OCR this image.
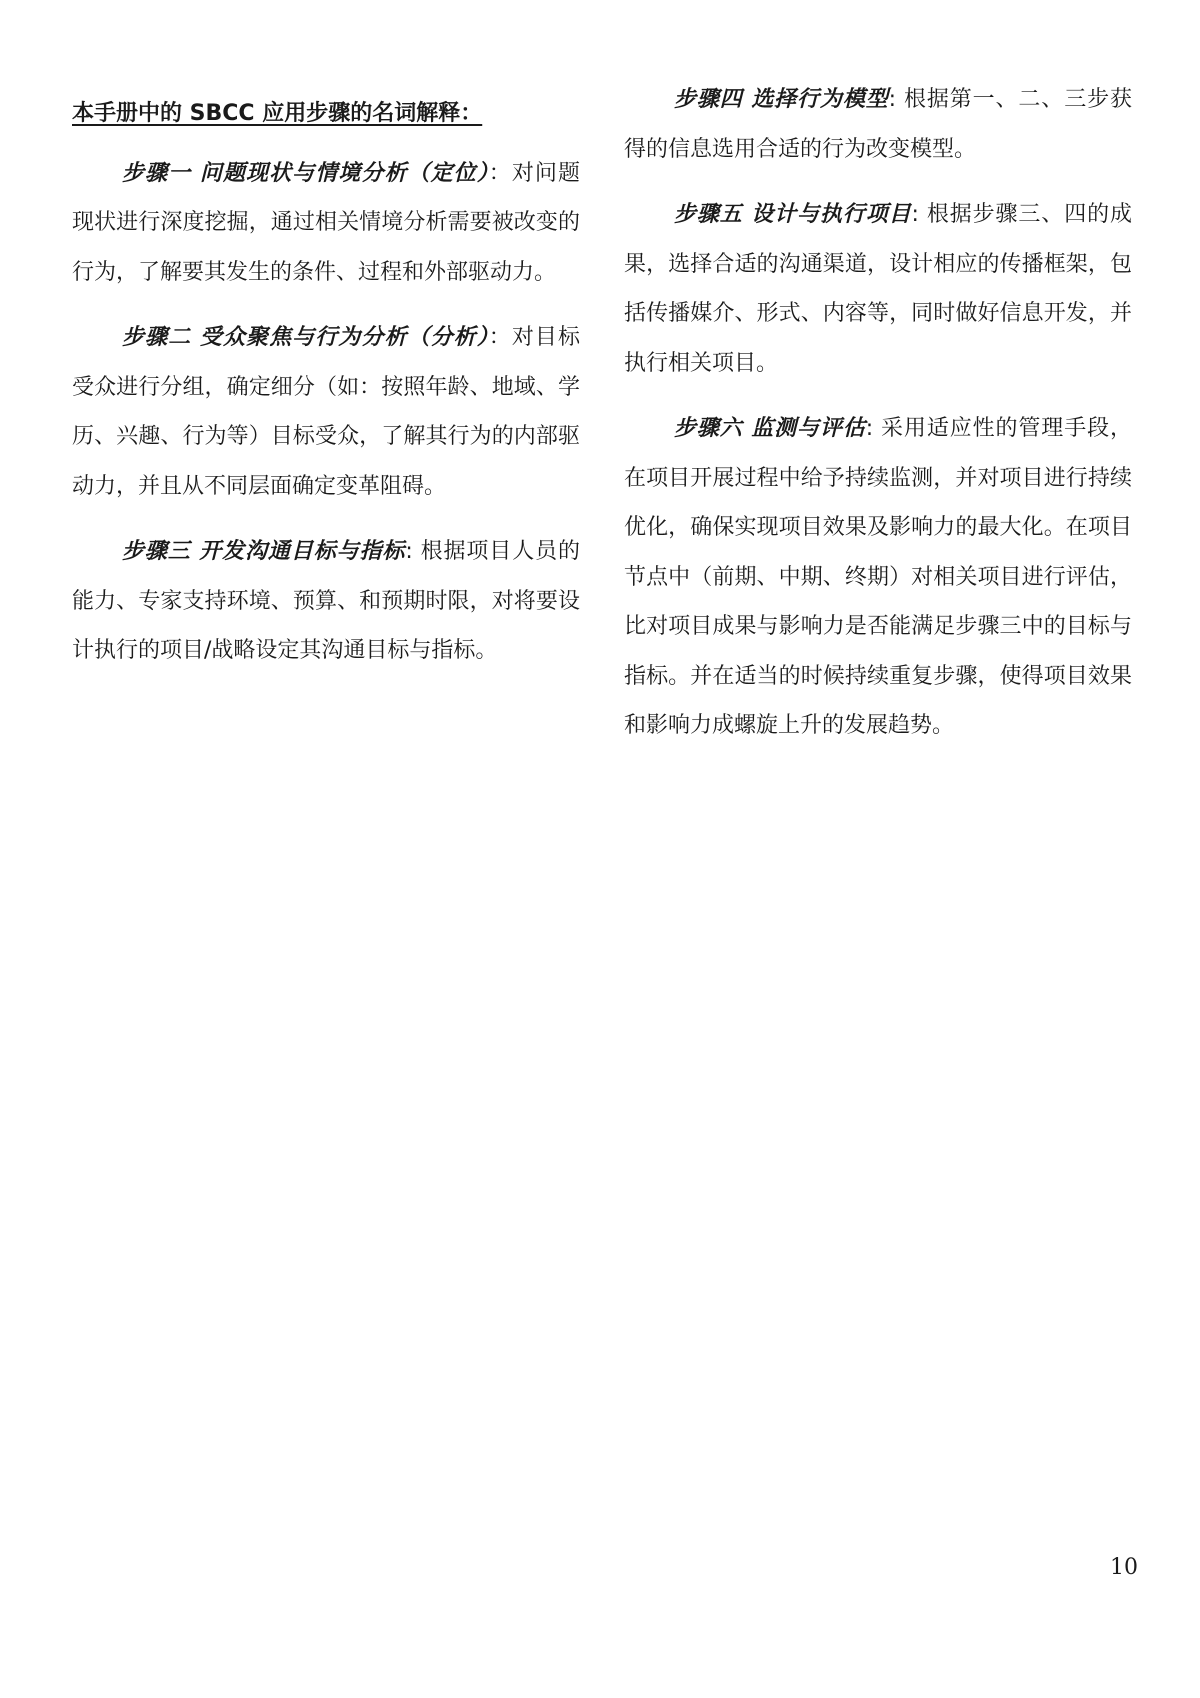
本手册中的 SBCC 应用步骤的名词解释：

步骤一 问题现状与情境分析（定位）：对问题现状进行深度挖掘，通过相关情境分析需要被改变的行为，了解要其发生的条件、过程和外部驱动力。

步骤二 受众聚焦与行为分析（分析）：对目标受众进行分组，确定细分（如：按照年龄、地域、学历、兴趣、行为等）目标受众，了解其行为的内部驱动力，并且从不同层面确定变革阻碍。

步骤三 开发沟通目标与指标: 根据项目人员的能力、专家支持环境、预算、和预期时限，对将要设计执行的项目/战略设定其沟通目标与指标。

步骤四 选择行为模型: 根据第一、二、三步获得的信息选用合适的行为改变模型。

步骤五 设计与执行项目: 根据步骤三、四的成果，选择合适的沟通渠道，设计相应的传播框架，包括传播媒介、形式、内容等，同时做好信息开发，并执行相关项目。

步骤六 监测与评估: 采用适应性的管理手段，在项目开展过程中给予持续监测，并对项目进行持续优化，确保实现项目效果及影响力的最大化。在项目节点中（前期、中期、终期）对相关项目进行评估，比对项目成果与影响力是否能满足步骤三中的目标与指标。并在适当的时候持续重复步骤，使得项目效果和影响力成螺旋上升的发展趋势。

10
